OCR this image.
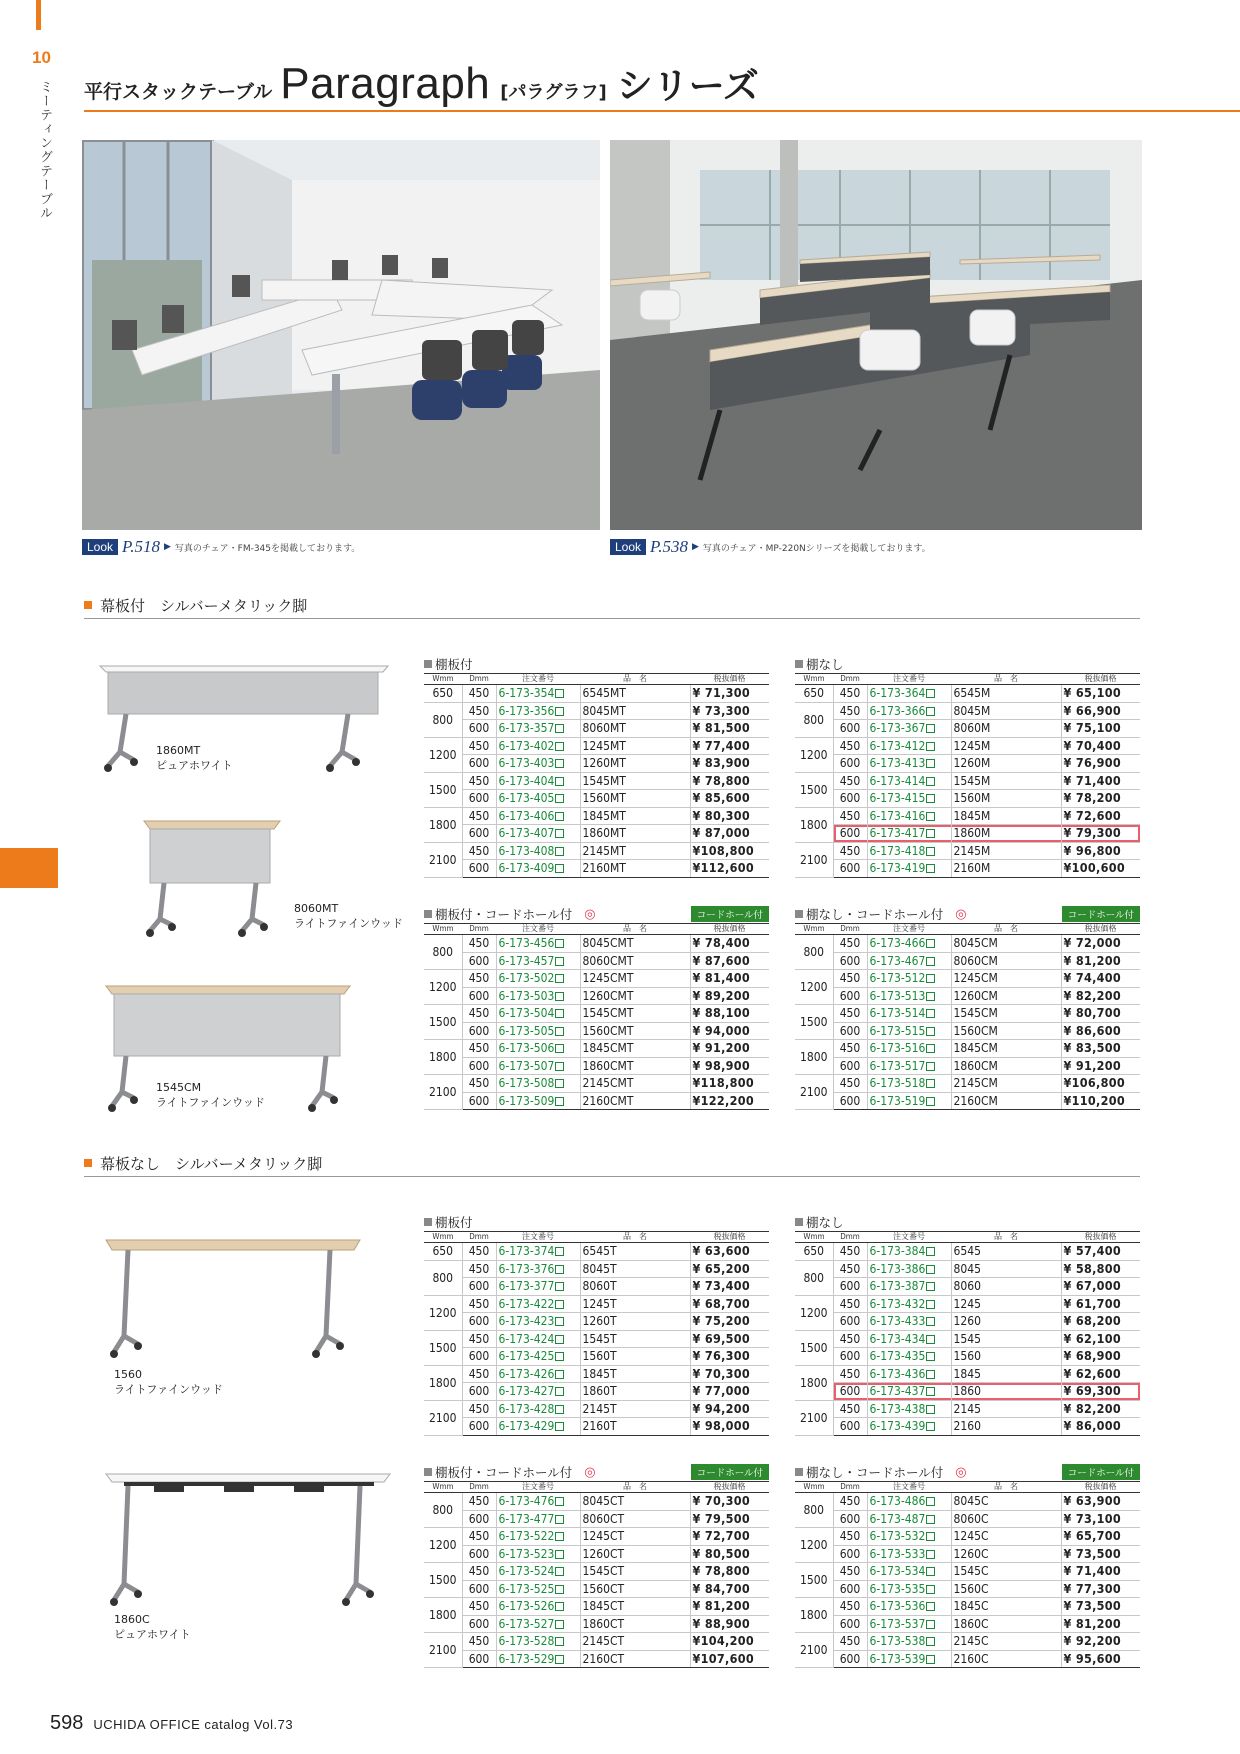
10
ミーティングテーブル 平行スタックテーブル Paragraph [パラグラフ] シリーズ
Look P.518 ▶ 写真のチェア・FM-345を掲載しております。	Look P.538 ▶ 写真のチェア・MP-220Nシリーズを掲載しております。
幕板付　シルバーメタリック脚
1860MT
ピュアホワイト
8060MT
ライトファインウッド
1545CM
ライトファインウッド
幕板なし　シルバーメタリック脚
1560
ライトファインウッド
1860C
ピュアホワイト
棚板付
Wmm	Dmm	注文番号	品　名	税抜価格
650	450	6-173-354	6545MT	¥ 71,300
800	450	6-173-356	8045MT	¥ 73,300
	600	6-173-357	8060MT	¥ 81,500
1200	450	6-173-402	1245MT	¥ 77,400
	600	6-173-403	1260MT	¥ 83,900
1500	450	6-173-404	1545MT	¥ 78,800
	600	6-173-405	1560MT	¥ 85,600
1800	450	6-173-406	1845MT	¥ 80,300
	600	6-173-407	1860MT	¥ 87,000
2100	450	6-173-408	2145MT	¥108,800
	600	6-173-409	2160MT	¥112,600
棚なし
Wmm	Dmm	注文番号	品　名	税抜価格
650	450	6-173-364	6545M	¥ 65,100
800	450	6-173-366	8045M	¥ 66,900
	600	6-173-367	8060M	¥ 75,100
1200	450	6-173-412	1245M	¥ 70,400
	600	6-173-413	1260M	¥ 76,900
1500	450	6-173-414	1545M	¥ 71,400
	600	6-173-415	1560M	¥ 78,200
1800	450	6-173-416	1845M	¥ 72,600
	600	6-173-417	1860M	¥ 79,300
2100	450	6-173-418	2145M	¥ 96,800
	600	6-173-419	2160M	¥100,600
棚板付・コードホール付 ◎	コードホール付
Wmm	Dmm	注文番号	品　名	税抜価格
800	450	6-173-456	8045CMT	¥ 78,400
	600	6-173-457	8060CMT	¥ 87,600
1200	450	6-173-502	1245CMT	¥ 81,400
	600	6-173-503	1260CMT	¥ 89,200
1500	450	6-173-504	1545CMT	¥ 88,100
	600	6-173-505	1560CMT	¥ 94,000
1800	450	6-173-506	1845CMT	¥ 91,200
	600	6-173-507	1860CMT	¥ 98,900
2100	450	6-173-508	2145CMT	¥118,800
	600	6-173-509	2160CMT	¥122,200
棚なし・コードホール付 ◎	コードホール付
Wmm	Dmm	注文番号	品　名	税抜価格
800	450	6-173-466	8045CM	¥ 72,000
	600	6-173-467	8060CM	¥ 81,200
1200	450	6-173-512	1245CM	¥ 74,400
	600	6-173-513	1260CM	¥ 82,200
1500	450	6-173-514	1545CM	¥ 80,700
	600	6-173-515	1560CM	¥ 86,600
1800	450	6-173-516	1845CM	¥ 83,500
	600	6-173-517	1860CM	¥ 91,200
2100	450	6-173-518	2145CM	¥106,800
	600	6-173-519	2160CM	¥110,200
棚板付
Wmm	Dmm	注文番号	品　名	税抜価格
650	450	6-173-374	6545T	¥ 63,600
800	450	6-173-376	8045T	¥ 65,200
	600	6-173-377	8060T	¥ 73,400
1200	450	6-173-422	1245T	¥ 68,700
	600	6-173-423	1260T	¥ 75,200
1500	450	6-173-424	1545T	¥ 69,500
	600	6-173-425	1560T	¥ 76,300
1800	450	6-173-426	1845T	¥ 70,300
	600	6-173-427	1860T	¥ 77,000
2100	450	6-173-428	2145T	¥ 94,200
	600	6-173-429	2160T	¥ 98,000
棚なし
Wmm	Dmm	注文番号	品　名	税抜価格
650	450	6-173-384	6545	¥ 57,400
800	450	6-173-386	8045	¥ 58,800
	600	6-173-387	8060	¥ 67,000
1200	450	6-173-432	1245	¥ 61,700
	600	6-173-433	1260	¥ 68,200
1500	450	6-173-434	1545	¥ 62,100
	600	6-173-435	1560	¥ 68,900
1800	450	6-173-436	1845	¥ 62,600
	600	6-173-437	1860	¥ 69,300
2100	450	6-173-438	2145	¥ 82,200
	600	6-173-439	2160	¥ 86,000
棚板付・コードホール付 ◎	コードホール付
Wmm	Dmm	注文番号	品　名	税抜価格
800	450	6-173-476	8045CT	¥ 70,300
	600	6-173-477	8060CT	¥ 79,500
1200	450	6-173-522	1245CT	¥ 72,700
	600	6-173-523	1260CT	¥ 80,500
1500	450	6-173-524	1545CT	¥ 78,800
	600	6-173-525	1560CT	¥ 84,700
1800	450	6-173-526	1845CT	¥ 81,200
	600	6-173-527	1860CT	¥ 88,900
2100	450	6-173-528	2145CT	¥104,200
	600	6-173-529	2160CT	¥107,600
棚なし・コードホール付 ◎	コードホール付
Wmm	Dmm	注文番号	品　名	税抜価格
800	450	6-173-486	8045C	¥ 63,900
	600	6-173-487	8060C	¥ 73,100
1200	450	6-173-532	1245C	¥ 65,700
	600	6-173-533	1260C	¥ 73,500
1500	450	6-173-534	1545C	¥ 71,400
	600	6-173-535	1560C	¥ 77,300
1800	450	6-173-536	1845C	¥ 73,500
	600	6-173-537	1860C	¥ 81,200
2100	450	6-173-538	2145C	¥ 92,200
	600	6-173-539	2160C	¥ 95,600
598 UCHIDA OFFICE catalog Vol.73
